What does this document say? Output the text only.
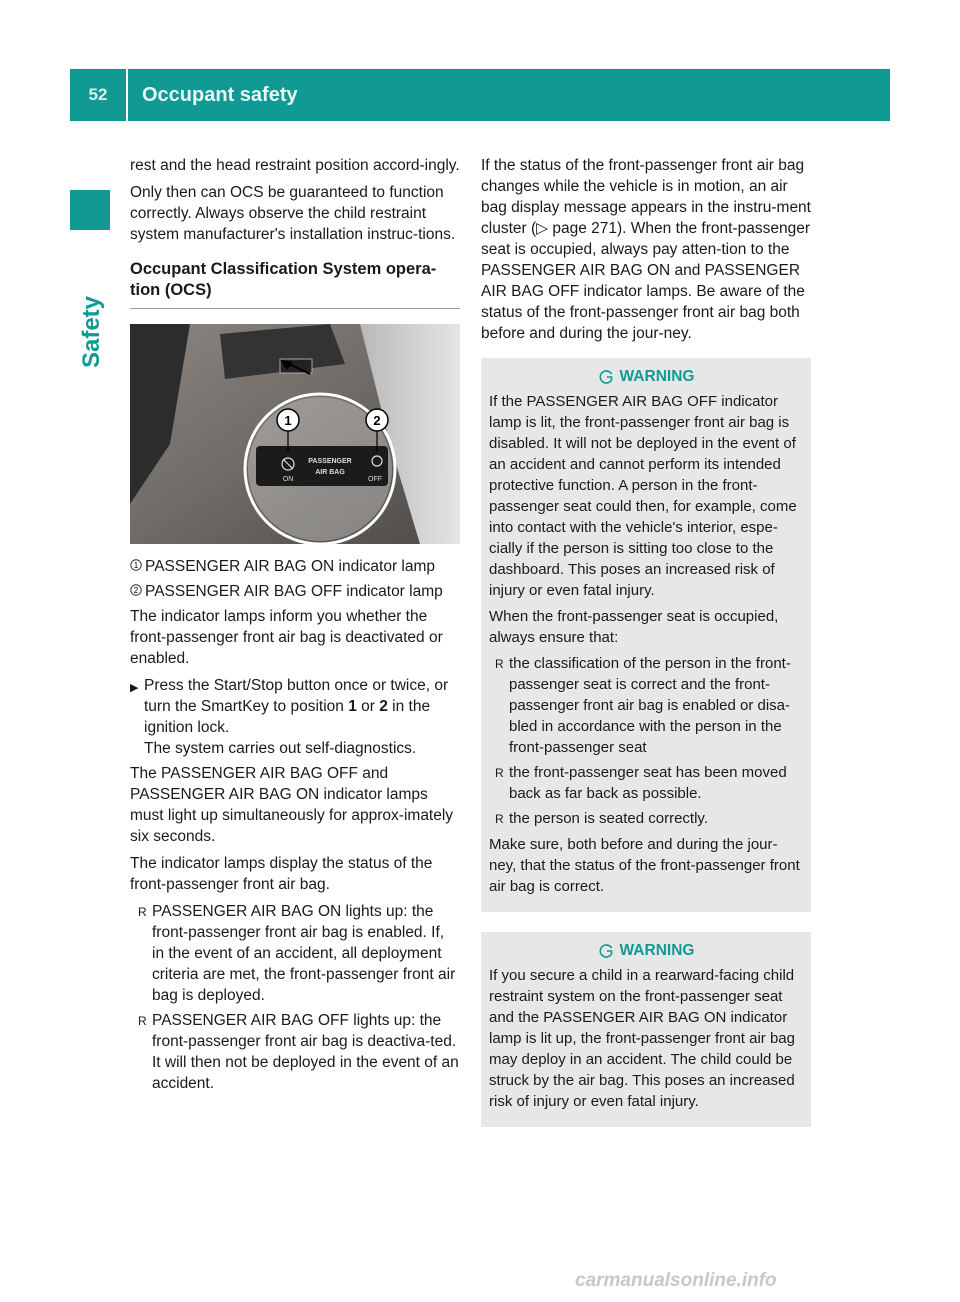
52	Occupant safety
Safety

rest and the head restraint position accord-ingly.

Only then can OCS be guaranteed to function correctly. Always observe the child restraint system manufacturer's installation instruc-tions.

Occupant Classification System opera-tion (OCS)
1	2
ON	OFF
PASSENGER
AIR BAG
P68.30-4773-31
1 PASSENGER AIR BAG ON indicator lamp
2 PASSENGER AIR BAG OFF indicator lamp

The indicator lamps inform you whether the front-passenger front air bag is deactivated or enabled.

▶ Press the Start/Stop button once or twice, or turn the SmartKey to position 1 or 2 in the ignition lock.
The system carries out self-diagnostics.

The PASSENGER AIR BAG OFF and PASSENGER AIR BAG ON indicator lamps must light up simultaneously for approx-imately six seconds.

The indicator lamps display the status of the front-passenger front air bag.

R PASSENGER AIR BAG ON lights up: the front-passenger front air bag is enabled. If, in the event of an accident, all deployment criteria are met, the front-passenger front air bag is deployed.
R PASSENGER AIR BAG OFF lights up: the front-passenger front air bag is deactiva-ted. It will then not be deployed in the event of an accident.

If the status of the front-passenger front air bag changes while the vehicle is in motion, an air bag display message appears in the instru-ment cluster (▷ page 271). When the front-passenger seat is occupied, always pay atten-tion to the PASSENGER AIR BAG ON and PASSENGER AIR BAG OFF indicator lamps. Be aware of the status of the front-passenger front air bag both before and during the jour-ney.

WARNING

If the PASSENGER AIR BAG OFF indicator lamp is lit, the front-passenger front air bag is disabled. It will not be deployed in the event of an accident and cannot perform its intended protective function. A person in the front-passenger seat could then, for example, come into contact with the vehicle's interior, espe-cially if the person is sitting too close to the dashboard. This poses an increased risk of injury or even fatal injury.

When the front-passenger seat is occupied, always ensure that:

R the classification of the person in the front-passenger seat is correct and the front-passenger front air bag is enabled or disa-bled in accordance with the person in the front-passenger seat
R the front-passenger seat has been moved back as far back as possible.
R the person is seated correctly.

Make sure, both before and during the jour-ney, that the status of the front-passenger front air bag is correct.

WARNING

If you secure a child in a rearward-facing child restraint system on the front-passenger seat and the PASSENGER AIR BAG ON indicator lamp is lit up, the front-passenger front air bag may deploy in an accident. The child could be struck by the air bag. This poses an increased risk of injury or even fatal injury.

carmanualsonline.info
